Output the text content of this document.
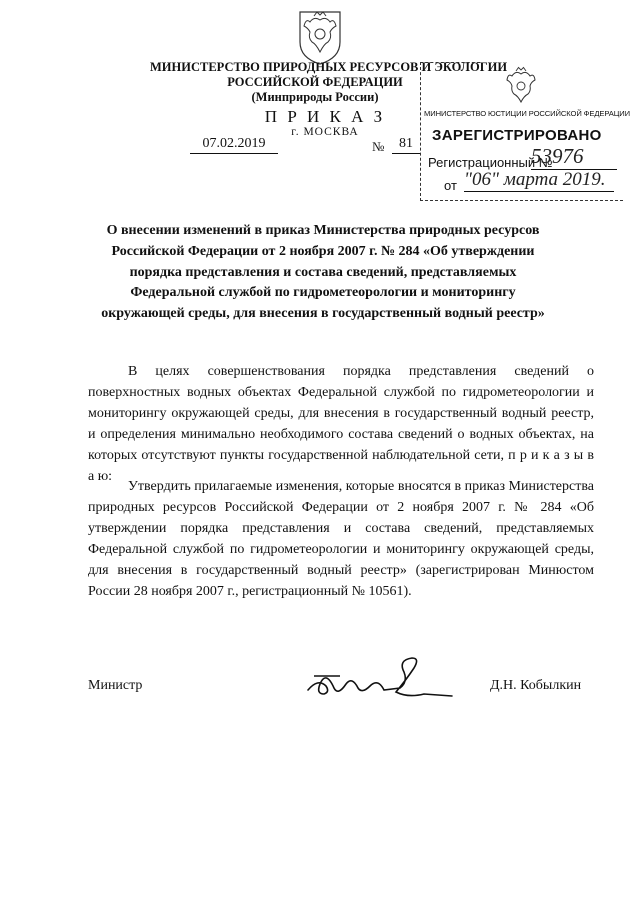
МИНИСТЕРСТВО ПРИРОДНЫХ РЕСУРСОВ И ЭКОЛОГИИ
РОССИЙСКОЙ ФЕДЕРАЦИИ
(Минприроды России)
П Р И К А З
г. МОСКВА
07.02.2019	№	81
МИНИСТЕРСТВО ЮСТИЦИИ РОССИЙСКОЙ ФЕДЕРАЦИИ
ЗАРЕГИСТРИРОВАНО
Регистрационный №
53976
от "06" марта 2019.
О внесении изменений в приказ Министерства природных ресурсов Российской Федерации от 2 ноября 2007 г. № 284 «Об утверждении порядка представления и состава сведений, представляемых Федеральной службой по гидрометеорологии и мониторингу окружающей среды, для внесения в государственный водный реестр»

В целях совершенствования порядка представления сведений о поверхностных водных объектах Федеральной службой по гидрометеорологии и мониторингу окружающей среды, для внесения в государственный водный реестр, и определения минимально необходимого состава сведений о водных объектах, на которых отсутствуют пункты государственной наблюдательной сети, п р и к а з ы в а ю:

Утвердить прилагаемые изменения, которые вносятся в приказ Министерства природных ресурсов Российской Федерации от 2 ноября 2007 г. № 284 «Об утверждении порядка представления и состава сведений, представляемых Федеральной службой по гидрометеорологии и мониторингу окружающей среды, для внесения в государственный водный реестр» (зарегистрирован Минюстом России 28 ноября 2007 г., регистрационный № 10561).

Министр	Д.Н. Кобылкин
